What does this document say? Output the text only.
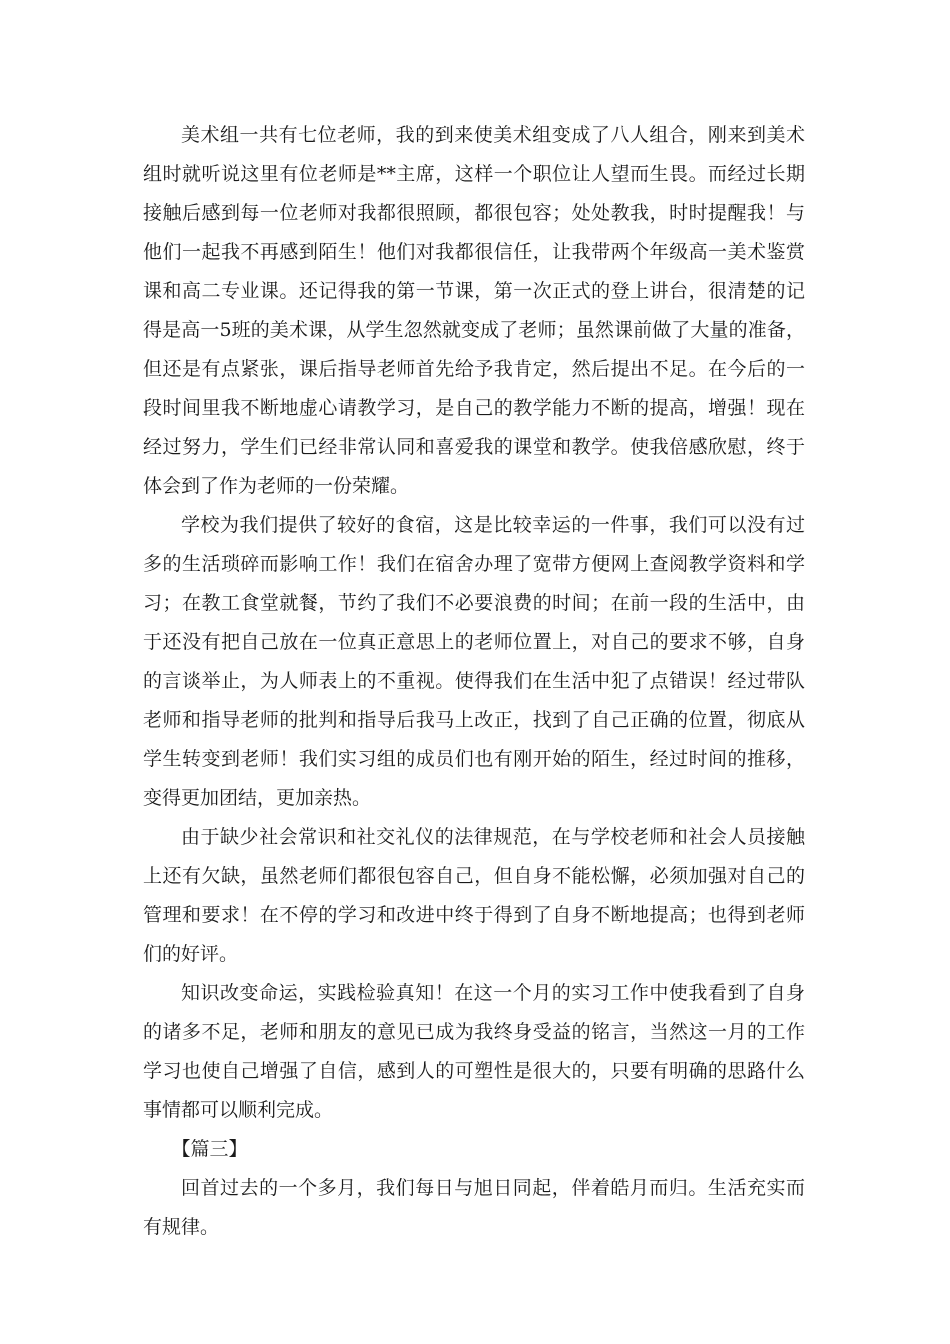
美术组一共有七位老师，我的到来使美术组变成了八人组合，刚来到美术组时就听说这里有位老师是**主席，这样一个职位让人望而生畏。而经过长期接触后感到每一位老师对我都很照顾，都很包容；处处教我，时时提醒我！与他们一起我不再感到陌生！他们对我都很信任，让我带两个年级高一美术鉴赏课和高二专业课。还记得我的第一节课，第一次正式的登上讲台，很清楚的记得是高一5班的美术课，从学生忽然就变成了老师；虽然课前做了大量的准备，但还是有点紧张，课后指导老师首先给予我肯定，然后提出不足。在今后的一段时间里我不断地虚心请教学习，是自己的教学能力不断的提高，增强！现在经过努力，学生们已经非常认同和喜爱我的课堂和教学。使我倍感欣慰，终于体会到了作为老师的一份荣耀。

学校为我们提供了较好的食宿，这是比较幸运的一件事，我们可以没有过多的生活琐碎而影响工作！我们在宿舍办理了宽带方便网上查阅教学资料和学习；在教工食堂就餐，节约了我们不必要浪费的时间；在前一段的生活中，由于还没有把自己放在一位真正意思上的老师位置上，对自己的要求不够，自身的言谈举止，为人师表上的不重视。使得我们在生活中犯了点错误！经过带队老师和指导老师的批判和指导后我马上改正，找到了自己正确的位置，彻底从学生转变到老师！我们实习组的成员们也有刚开始的陌生，经过时间的推移，变得更加团结，更加亲热。

由于缺少社会常识和社交礼仪的法律规范，在与学校老师和社会人员接触上还有欠缺，虽然老师们都很包容自己，但自身不能松懈，必须加强对自己的管理和要求！在不停的学习和改进中终于得到了自身不断地提高；也得到老师们的好评。

知识改变命运，实践检验真知！在这一个月的实习工作中使我看到了自身的诸多不足，老师和朋友的意见已成为我终身受益的铭言，当然这一月的工作学习也使自己增强了自信，感到人的可塑性是很大的，只要有明确的思路什么事情都可以顺利完成。

【篇三】

回首过去的一个多月，我们每日与旭日同起，伴着皓月而归。生活充实而有规律。
